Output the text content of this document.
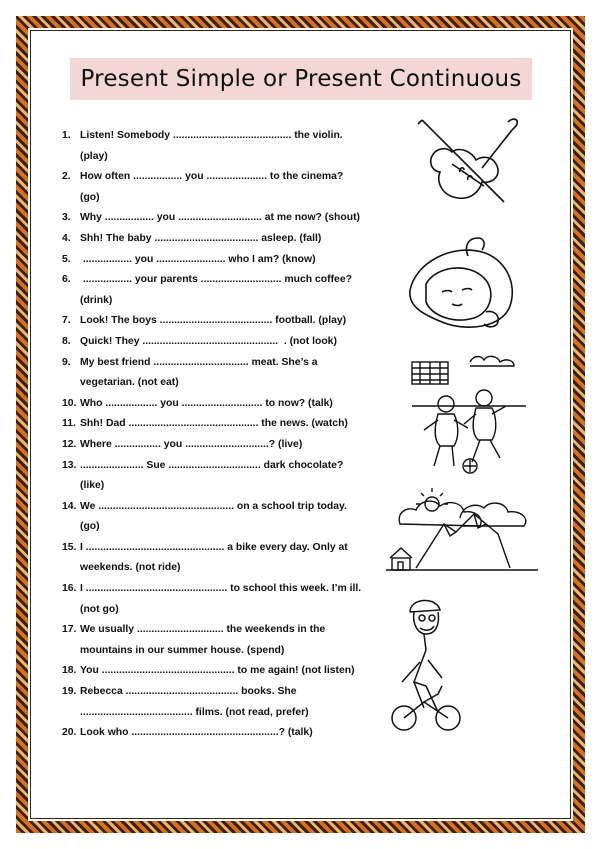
Present Simple or Present Continuous
1. Listen! Somebody ......................................... the violin.
(play)
2. How often ................. you ..................... to the cinema?
(go)
3. Why ................. you ............................. at me now? (shout)
4. Shh! The baby .................................... asleep. (fall)
5. ................. you ........................ who I am? (know)
6. ................. your parents ............................ much coffee?
(drink)
7. Look! The boys ....................................... football. (play)
8. Quick! They ...............................................  . (not look)
9. My best friend ................................. meat. She’s a
vegetarian. (not eat)
10. Who .................. you ............................ to now? (talk)
11. Shh! Dad ............................................. the news. (watch)
12. Where ................ you .............................? (live)
13. ...................... Sue ................................ dark chocolate?
(like)
14. We ............................................... on a school trip today.
(go)
15. I ................................................ a bike every day. Only at
weekends. (not ride)
16. I ................................................. to school this week. I’m ill.
(not go)
17. We usually .............................. the weekends in the
mountains in our summer house. (spend)
18. You .............................................. to me again! (not listen)
19. Rebecca ....................................... books. She
....................................... films. (not read, prefer)
20. Look who ...................................................? (talk)
